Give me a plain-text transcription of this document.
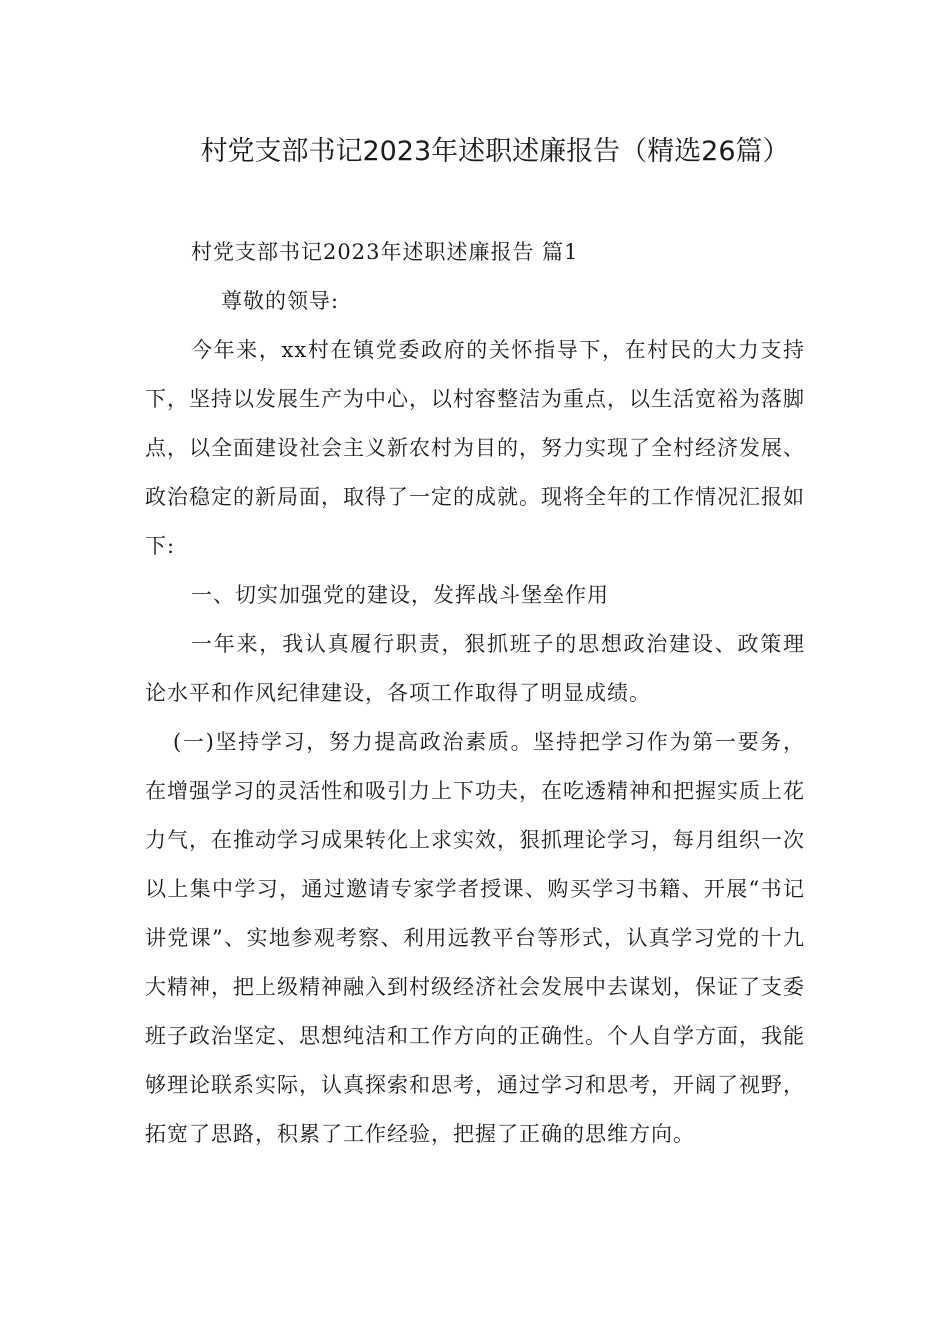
村党支部书记2023年述职述廉报告（精选26篇）

村党支部书记2023年述职述廉报告 篇1

尊敬的领导:

今年来，xx村在镇党委政府的关怀指导下，在村民的大力支持下，坚持以发展生产为中心，以村容整洁为重点，以生活宽裕为落脚点，以全面建设社会主义新农村为目的，努力实现了全村经济发展、政治稳定的新局面，取得了一定的成就。现将全年的工作情况汇报如下:

一、切实加强党的建设，发挥战斗堡垒作用

一年来，我认真履行职责，狠抓班子的思想政治建设、政策理论水平和作风纪律建设，各项工作取得了明显成绩。

(一)坚持学习，努力提高政治素质。坚持把学习作为第一要务，在增强学习的灵活性和吸引力上下功夫，在吃透精神和把握实质上花力气，在推动学习成果转化上求实效，狠抓理论学习，每月组织一次以上集中学习，通过邀请专家学者授课、购买学习书籍、开展“书记讲党课”、实地参观考察、利用远教平台等形式，认真学习党的十九大精神，把上级精神融入到村级经济社会发展中去谋划，保证了支委班子政治坚定、思想纯洁和工作方向的正确性。个人自学方面，我能够理论联系实际，认真探索和思考，通过学习和思考，开阔了视野，拓宽了思路，积累了工作经验，把握了正确的思维方向。
